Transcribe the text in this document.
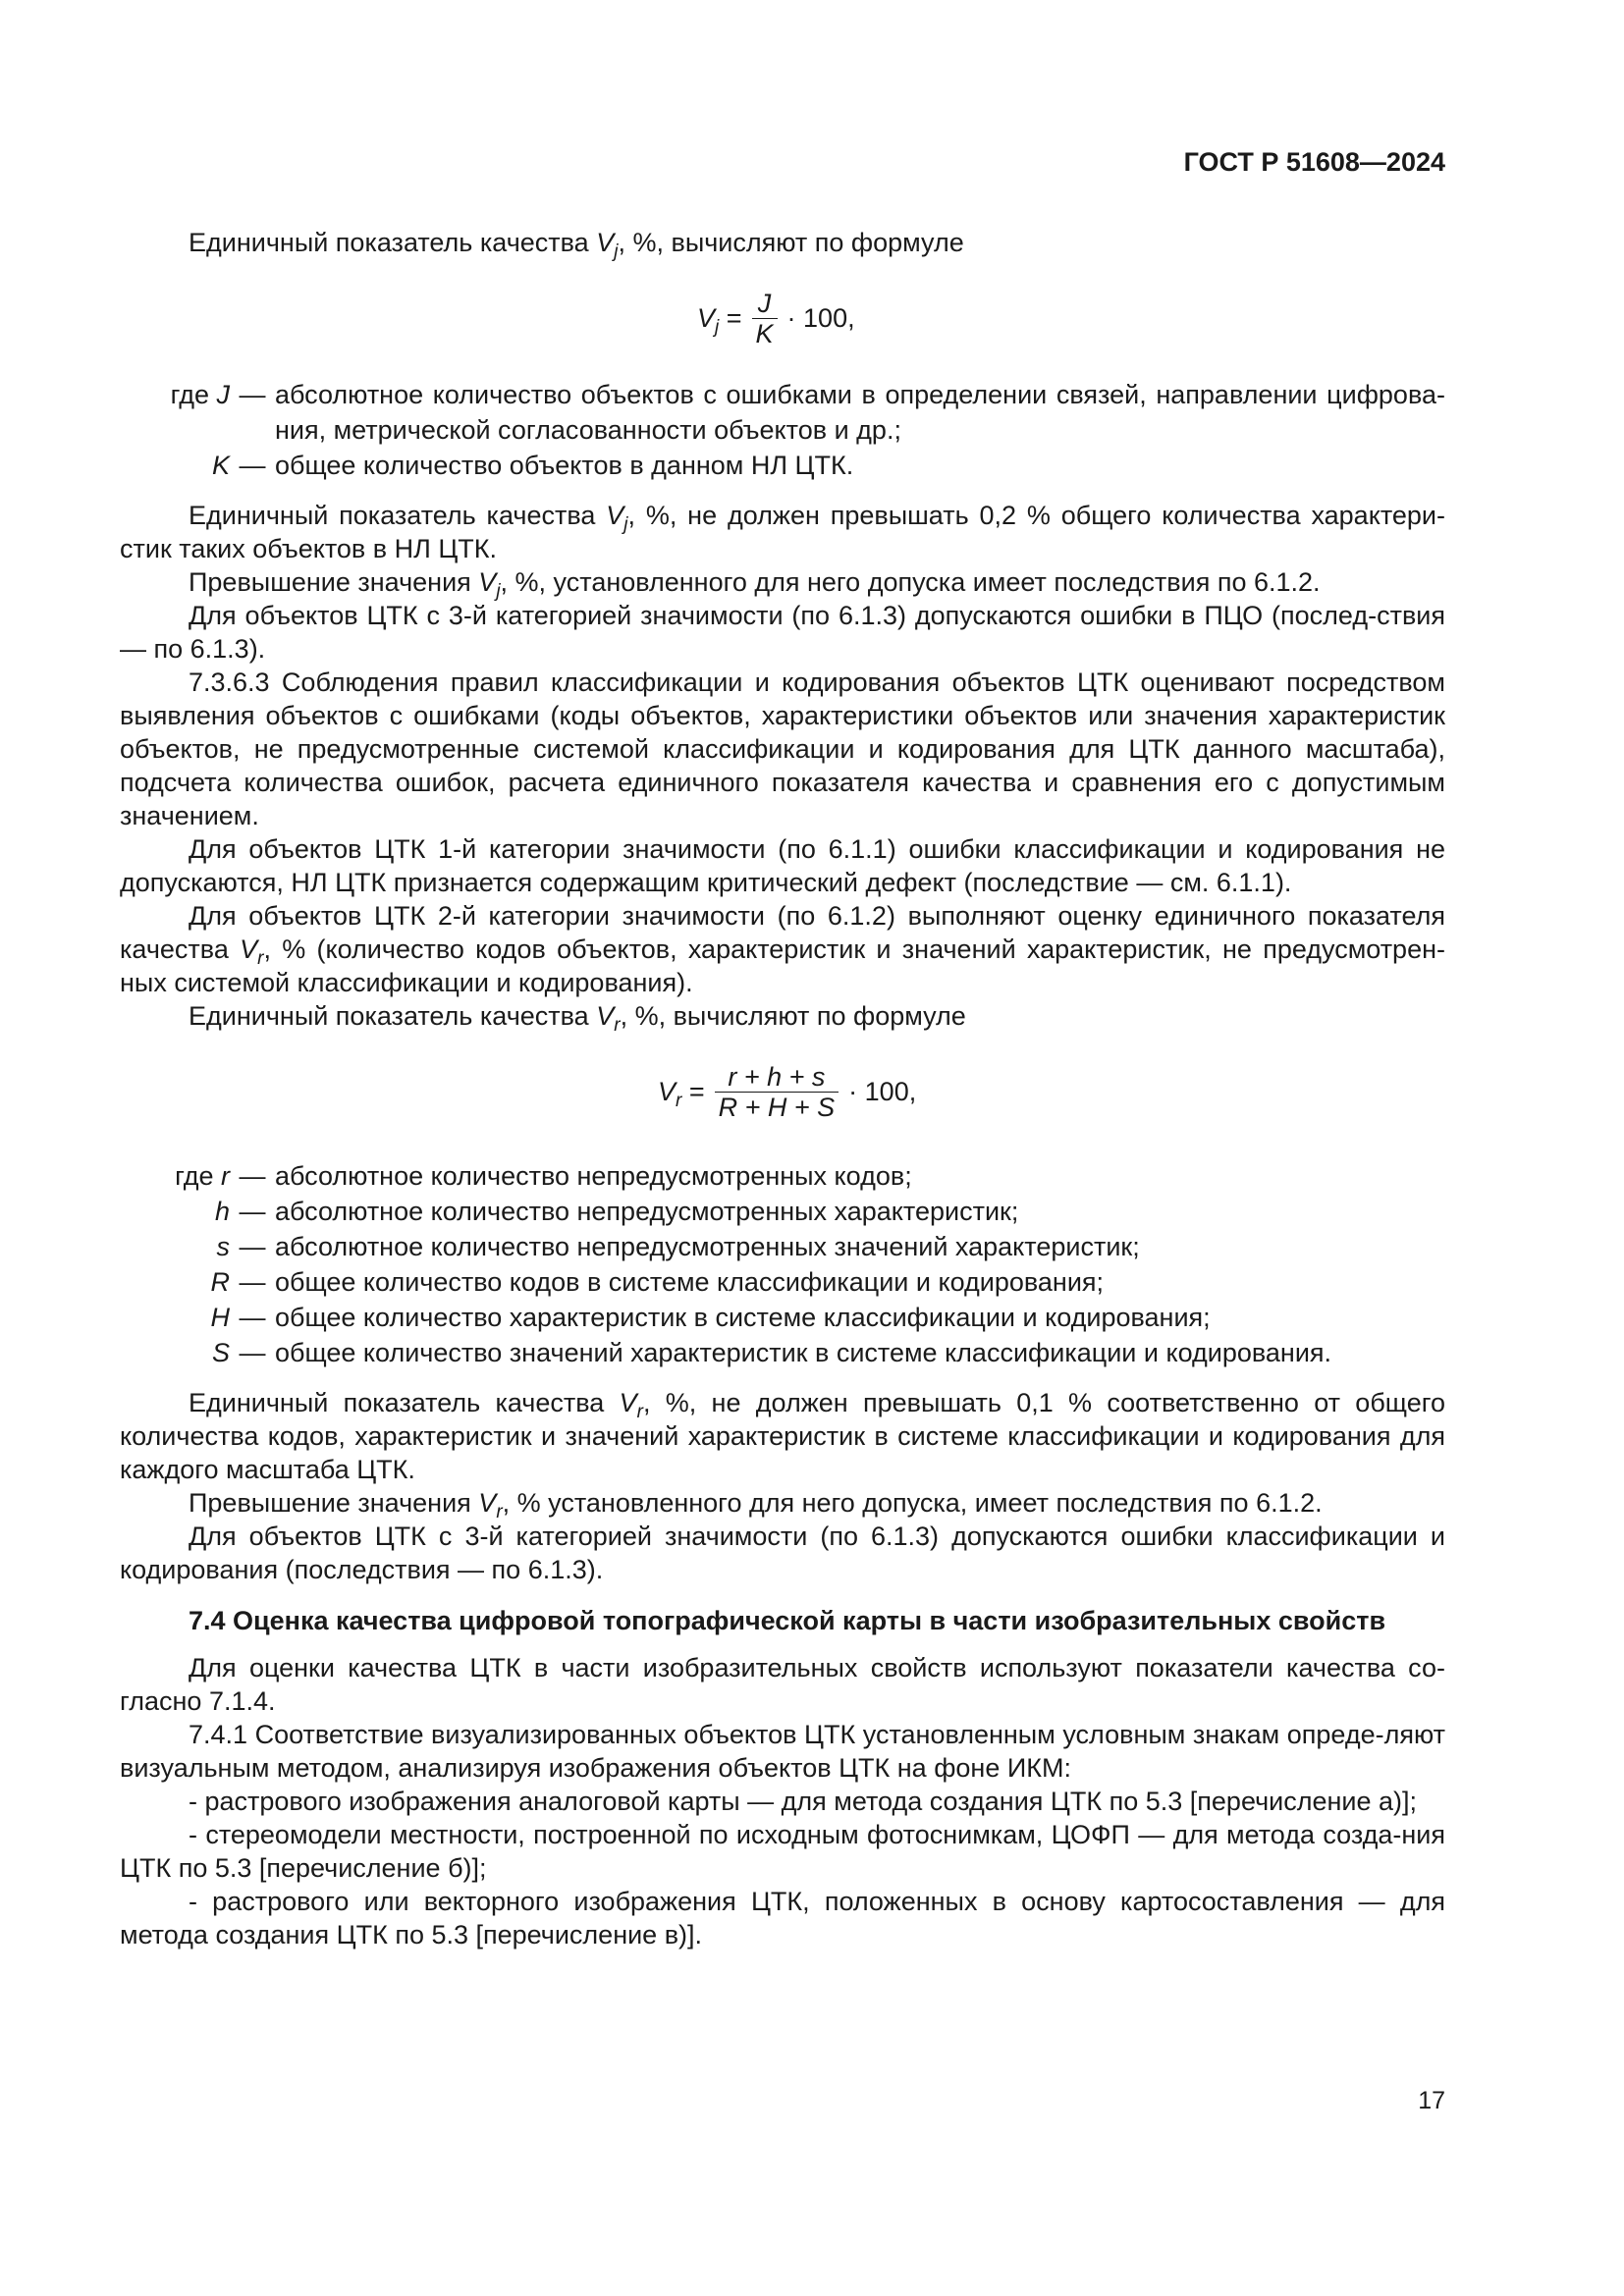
ГОСТ Р 51608—2024

Единичный показатель качества $V_j$, %, вычисляют по формуле

$V_j = \frac{J}{K} \cdot 100$,
где J — абсолютное количество объектов с ошибками в определении связей, направлении цифрова-ния, метрической согласованности объектов и др.;
K — общее количество объектов в данном НЛ ЦТК.

Единичный показатель качества $V_j$, %, не должен превышать 0,2 % общего количества характери-стик таких объектов в НЛ ЦТК.

Превышение значения $V_j$, %, установленного для него допуска имеет последствия по 6.1.2.

Для объектов ЦТК с 3-й категорией значимости (по 6.1.3) допускаются ошибки в ПЦО (послед-ствия — по 6.1.3).

7.3.6.3 Соблюдения правил классификации и кодирования объектов ЦТК оценивают посредством выявления объектов с ошибками (коды объектов, характеристики объектов или значения характеристик объектов, не предусмотренные системой классификации и кодирования для ЦТК данного масштаба), подсчета количества ошибок, расчета единичного показателя качества и сравнения его с допустимым значением.

Для объектов ЦТК 1-й категории значимости (по 6.1.1) ошибки классификации и кодирования не допускаются, НЛ ЦТК признается содержащим критический дефект (последствие — см. 6.1.1).

Для объектов ЦТК 2-й категории значимости (по 6.1.2) выполняют оценку единичного показателя качества $V_r$, % (количество кодов объектов, характеристик и значений характеристик, не предусмотрен-ных системой классификации и кодирования).

Единичный показатель качества $V_r$, %, вычисляют по формуле

$V_r = \frac{r + h + s}{R + H + S} \cdot 100$,
где r — абсолютное количество непредусмотренных кодов;
h — абсолютное количество непредусмотренных характеристик;
s — абсолютное количество непредусмотренных значений характеристик;
R — общее количество кодов в системе классификации и кодирования;
H — общее количество характеристик в системе классификации и кодирования;
S — общее количество значений характеристик в системе классификации и кодирования.

Единичный показатель качества $V_r$, %, не должен превышать 0,1 % соответственно от общего количества кодов, характеристик и значений характеристик в системе классификации и кодирования для каждого масштаба ЦТК.

Превышение значения $V_r$, % установленного для него допуска, имеет последствия по 6.1.2.

Для объектов ЦТК с 3-й категорией значимости (по 6.1.3) допускаются ошибки классификации и кодирования (последствия — по 6.1.3).

7.4 Оценка качества цифровой топографической карты в части изобразительных свойств

Для оценки качества ЦТК в части изобразительных свойств используют показатели качества со-гласно 7.1.4.

7.4.1 Соответствие визуализированных объектов ЦТК установленным условным знакам опреде-ляют визуальным методом, анализируя изображения объектов ЦТК на фоне ИКМ:

- растрового изображения аналоговой карты — для метода создания ЦТК по 5.3 [перечисление а)];

- стереомодели местности, построенной по исходным фотоснимкам, ЦОФП — для метода созда-ния ЦТК по 5.3 [перечисление б)];

- растрового или векторного изображения ЦТК, положенных в основу картосоставления — для метода создания ЦТК по 5.3 [перечисление в)].

17
